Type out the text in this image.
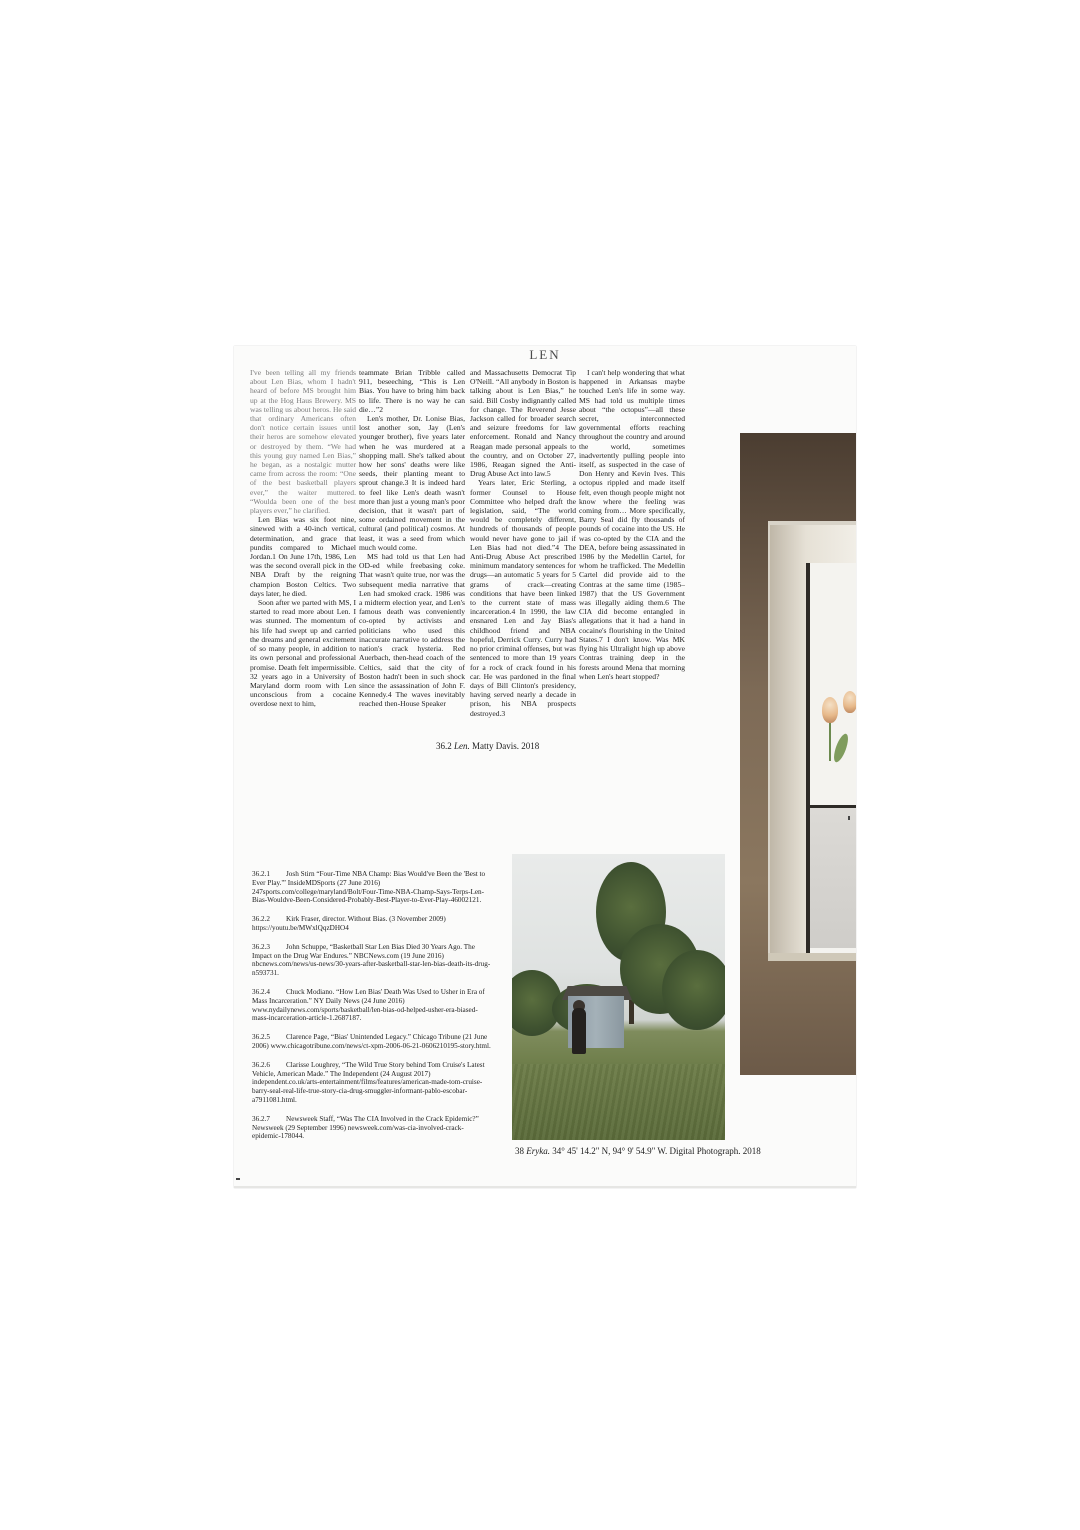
LEN

I've been telling all my friends about Len Bias, whom I hadn't heard of before MS brought him up at the Hog Haus Brewery. MS was telling us about heros. He said that ordinary Americans often don't notice certain issues until their heros are somehow elevated or destroyed by them. “We had this young guy named Len Bias,” he began, as a nostalgic mutter came from across the room: “One of the best basketball players ever,” the waiter muttered. “Woulda been one of the best players ever,” he clarified.

Len Bias was six foot nine, sinewed with a 40-inch vertical, determination, and grace that pundits compared to Michael Jordan.1 On June 17th, 1986, Len was the second overall pick in the NBA Draft by the reigning champion Boston Celtics. Two days later, he died.

Soon after we parted with MS, I started to read more about Len. I was stunned. The momentum of his life had swept up and carried the dreams and general excitement of so many people, in addition to its own personal and professional promise. Death felt impermissible. 32 years ago in a University of Maryland dorm room with Len unconscious from a cocaine overdose next to him,

teammate Brian Tribble called 911, beseeching, “This is Len Bias. You have to bring him back to life. There is no way he can die…”2

Len's mother, Dr. Lonise Bias, lost another son, Jay (Len's younger brother), five years later when he was murdered at a shopping mall. She's talked about how her sons' deaths were like seeds, their planting meant to sprout change.3 It is indeed hard to feel like Len's death wasn't more than just a young man's poor decision, that it wasn't part of some ordained movement in the cultural (and political) cosmos. At least, it was a seed from which much would come.

MS had told us that Len had OD-ed while freebasing coke. That wasn't quite true, nor was the subsequent media narrative that Len had smoked crack. 1986 was a midterm election year, and Len's famous death was conveniently co-opted by activists and politicians who used this inaccurate narrative to address the nation's crack hysteria. Red Auerbach, then-head coach of the Celtics, said that the city of Boston hadn't been in such shock since the assassination of John F. Kennedy.4 The waves inevitably reached then-House Speaker

and Massachusetts Democrat Tip O'Neill. “All anybody in Boston is talking about is Len Bias,” he said. Bill Cosby indignantly called for change. The Reverend Jesse Jackson called for broader search and seizure freedoms for law enforcement. Ronald and Nancy Reagan made personal appeals to the country, and on October 27, 1986, Reagan signed the Anti-Drug Abuse Act into law.5

Years later, Eric Sterling, a former Counsel to House Committee who helped draft the legislation, said, “The world would be completely different, hundreds of thousands of people would never have gone to jail if Len Bias had not died.”4 The Anti-Drug Abuse Act prescribed minimum mandatory sentences for drugs—an automatic 5 years for 5 grams of crack—creating conditions that have been linked to the current state of mass incarceration.4 In 1990, the law ensnared Len and Jay Bias's childhood friend and NBA hopeful, Derrick Curry. Curry had no prior criminal offenses, but was sentenced to more than 19 years for a rock of crack found in his car. He was pardoned in the final days of Bill Clinton's presidency, having served nearly a decade in prison, his NBA prospects destroyed.3

I can't help wondering that what happened in Arkansas maybe touched Len's life in some way. MS had told us multiple times about “the octopus”—all these secret, interconnected governmental efforts reaching throughout the country and around the world, sometimes inadvertently pulling people into itself, as suspected in the case of Don Henry and Kevin Ives. This octopus rippled and made itself felt, even though people might not know where the feeling was coming from… More specifically, Barry Seal did fly thousands of pounds of cocaine into the US. He was co-opted by the CIA and the DEA, before being assassinated in 1986 by the Medellin Cartel, for whom he trafficked. The Medellin Cartel did provide aid to the Contras at the same time (1985–1987) that the US Government was illegally aiding them.6 The CIA did become entangled in allegations that it had a hand in cocaine's flourishing in the United States.7 I don't know. Was MK flying his Ultralight high up above Contras training deep in the forests around Mena that morning when Len's heart stopped?

36.2 Len. Matty Davis. 2018
36.2.1 Josh Stirn “Four-Time NBA Champ: Bias Would've Been the 'Best to Ever Play.'” InsideMDSports (27 June 2016) 247sports.com/college/maryland/Bolt/Four-Time-NBA-Champ-Says-Terps-Len-Bias-Wouldve-Been-Considered-Probably-Best-Player-to-Ever-Play-46002121.
36.2.2 Kirk Fraser, director. Without Bias. (3 November 2009) https://youtu.be/MWxlQqzDHO4
36.2.3 John Schuppe, “Basketball Star Len Bias Died 30 Years Ago. The Impact on the Drug War Endures.” NBCNews.com (19 June 2016) nbcnews.com/news/us-news/30-years-after-basketball-star-len-bias-death-its-drug-n593731.
36.2.4 Chuck Modiano. “How Len Bias' Death Was Used to Usher in Era of Mass Incarceration.” NY Daily News (24 June 2016) www.nydailynews.com/sports/basketball/len-bias-od-helped-usher-era-biased-mass-incarceration-article-1.2687187.
36.2.5 Clarence Page, “Bias' Unintended Legacy.” Chicago Tribune (21 June 2006) www.chicagotribune.com/news/ct-xpm-2006-06-21-0606210195-story.html.
36.2.6 Clarisse Loughrey, “The Wild True Story behind Tom Cruise's Latest Vehicle, American Made.” The Independent (24 August 2017) independent.co.uk/arts-entertainment/films/features/american-made-tom-cruise-barry-seal-real-life-true-story-cia-drug-smuggler-informant-pablo-escobar-a7911081.html.
36.2.7 Newsweek Staff, “Was The CIA Involved in the Crack Epidemic?” Newsweek (29 September 1996) newsweek.com/was-cia-involved-crack-epidemic-178044.
38 Eryka. 34° 45' 14.2" N, 94° 9' 54.9" W. Digital Photograph. 2018
